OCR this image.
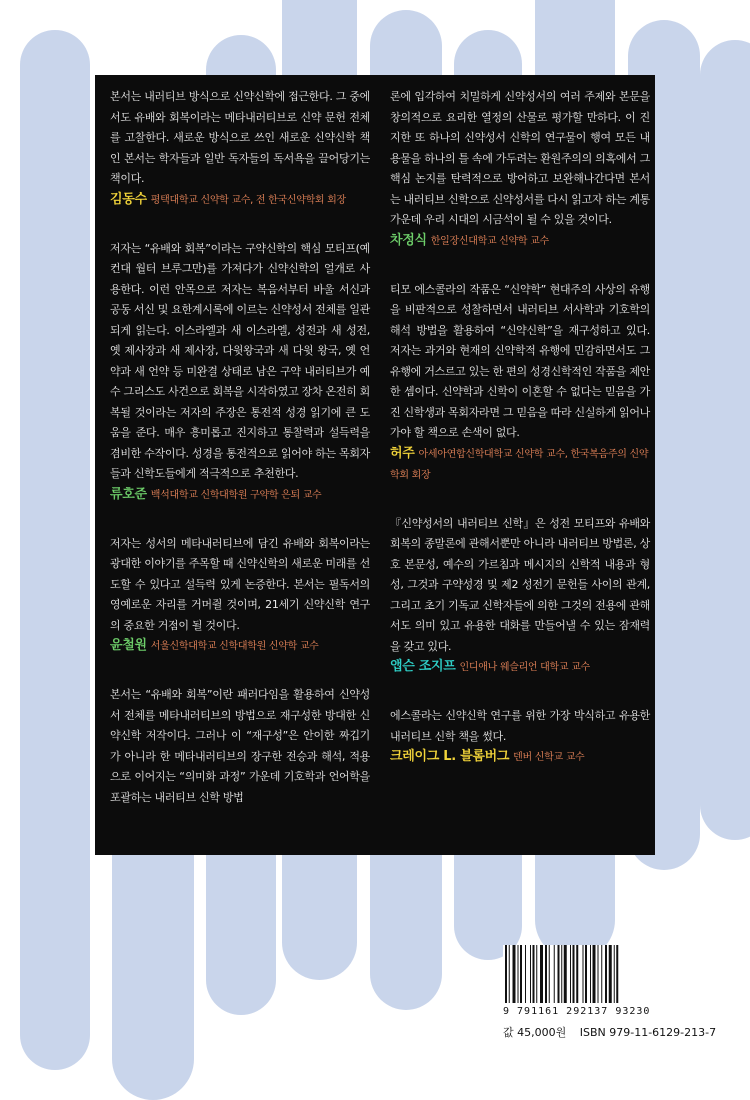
본서는 내러티브 방식으로 신약신학에 접근한다. 그 중에서도 유배와 회복이라는 메타내러티브로 신약 문헌 전체를 고찰한다. 새로운 방식으로 쓰인 새로운 신약신학 책인 본서는 학자들과 일반 독자들의 독서욕을 끌어당기는 책이다.

김동수 평택대학교 신약학 교수, 전 한국신약학회 회장

저자는 “유배와 회복”이라는 구약신학의 핵심 모티프(예컨대 월터 브루그만)를 가져다가 신약신학의 얼개로 사용한다. 이런 안목으로 저자는 복음서부터 바울 서신과 공동 서신 및 요한계시록에 이르는 신약성서 전체를 일관되게 읽는다. 이스라엘과 새 이스라엘, 성전과 새 성전, 옛 제사장과 새 제사장, 다윗왕국과 새 다윗 왕국, 옛 언약과 새 언약 등 미완결 상태로 남은 구약 내러티브가 예수 그리스도 사건으로 회복을 시작하였고 장차 온전히 회복될 것이라는 저자의 주장은 통전적 성경 읽기에 큰 도움을 준다. 매우 흥미롭고 진지하고 통찰력과 설득력을 겸비한 수작이다. 성경을 통전적으로 읽어야 하는 목회자들과 신학도들에게 적극적으로 추천한다.

류호준 백석대학교 신학대학원 구약학 은퇴 교수

저자는 성서의 메타내러티브에 담긴 유배와 회복이라는 광대한 이야기를 주목할 때 신약신학의 새로운 미래를 선도할 수 있다고 설득력 있게 논증한다. 본서는 필독서의 영예로운 자리를 거머쥘 것이며, 21세기 신약신학 연구의 중요한 거점이 될 것이다.

윤철원 서울신학대학교 신학대학원 신약학 교수

본서는 “유배와 회복”이란 패러다임을 활용하여 신약성서 전체를 메타내러티브의 방법으로 재구성한 방대한 신약신학 저작이다. 그러나 이 “재구성”은 안이한 짜깁기가 아니라 한 메타내러티브의 장구한 전승과 해석, 적용으로 이어지는 “의미화 과정” 가운데 기호학과 언어학을 포괄하는 내러티브 신학 방법

론에 입각하여 치밀하게 신약성서의 여러 주제와 본문을 창의적으로 요리한 열정의 산물로 평가할 만하다. 이 진지한 또 하나의 신약성서 신학의 연구물이 행여 모든 내용물을 하나의 틀 속에 가두려는 환원주의의 의혹에서 그 핵심 논지를 탄력적으로 방어하고 보완해나간다면 본서는 내러티브 신학으로 신약성서를 다시 읽고자 하는 계통 가운데 우리 시대의 시금석이 될 수 있을 것이다.

차정식 한일장신대학교 신약학 교수

티모 에스콜라의 작품은 “신약학” 현대주의 사상의 유행을 비판적으로 성찰하면서 내러티브 서사학과 기호학의 해석 방법을 활용하여 “신약신학”을 재구성하고 있다. 저자는 과거와 현재의 신약학적 유행에 민감하면서도 그 유행에 거스르고 있는 한 편의 성경신학적인 작품을 제안한 셈이다. 신약학과 신학이 이혼할 수 없다는 믿음을 가진 신학생과 목회자라면 그 믿음을 따라 신실하게 읽어나가야 할 책으로 손색이 없다.

허주 아세아연합신학대학교 신약학 교수, 한국복음주의 신약학회 회장

『신약성서의 내러티브 신학』은 성전 모티프와 유배와 회복의 종말론에 관해서뿐만 아니라 내러티브 방법론, 상호 본문성, 예수의 가르침과 메시지의 신학적 내용과 형성, 그것과 구약성경 및 제2 성전기 문헌들 사이의 관계, 그리고 초기 기독교 신학자들에 의한 그것의 전용에 관해서도 의미 있고 유용한 대화를 만들어낼 수 있는 잠재력을 갖고 있다.

앱슨 조지프 인디애나 웨슬리언 대학교 교수

에스콜라는 신약신학 연구를 위한 가장 박식하고 유용한 내러티브 신학 책을 썼다.

크레이그 L. 블롬버그 덴버 신학교 교수

9 791161 292137 93230
값 45,000원 ISBN 979-11-6129-213-7
